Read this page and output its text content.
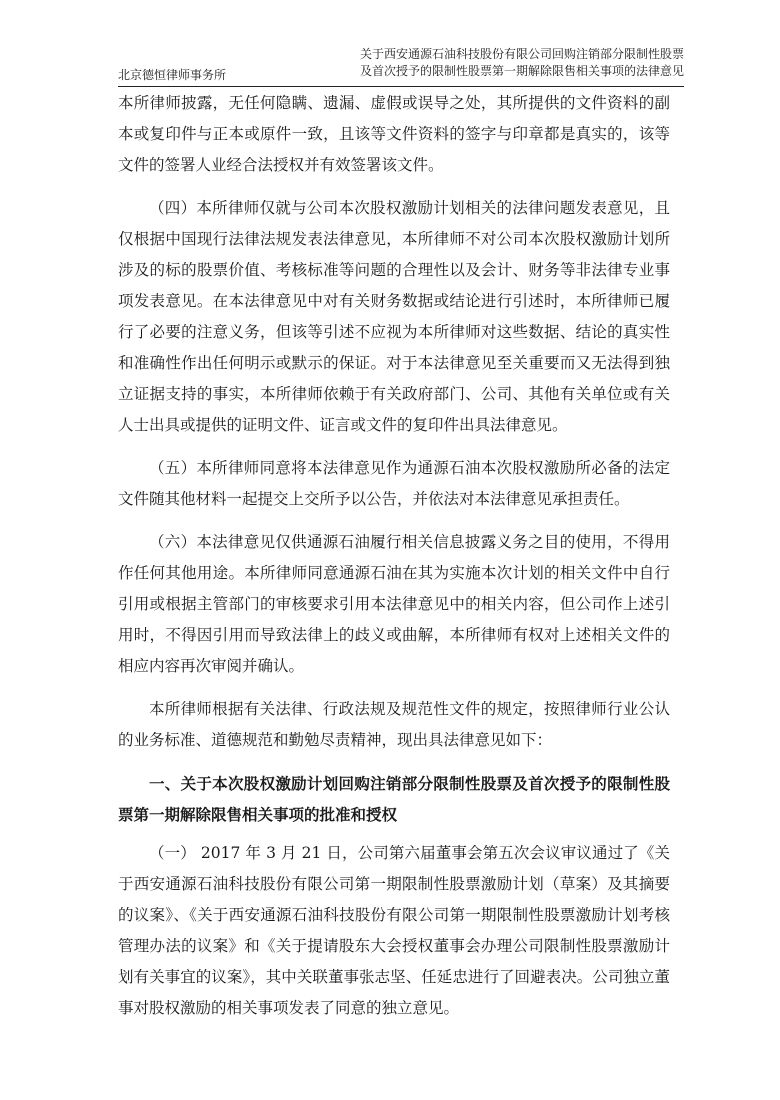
北京德恒律师事务所
关于西安通源石油科技股份有限公司回购注销部分限制性股票
及首次授予的限制性股票第一期解除限售相关事项的法律意见

本所律师披露，无任何隐瞒、遗漏、虚假或误导之处，其所提供的文件资料的副本或复印件与正本或原件一致，且该等文件资料的签字与印章都是真实的，该等文件的签署人业经合法授权并有效签署该文件。

（四）本所律师仅就与公司本次股权激励计划相关的法律问题发表意见，且仅根据中国现行法律法规发表法律意见，本所律师不对公司本次股权激励计划所涉及的标的股票价值、考核标准等问题的合理性以及会计、财务等非法律专业事项发表意见。在本法律意见中对有关财务数据或结论进行引述时，本所律师已履行了必要的注意义务，但该等引述不应视为本所律师对这些数据、结论的真实性和准确性作出任何明示或默示的保证。对于本法律意见至关重要而又无法得到独立证据支持的事实，本所律师依赖于有关政府部门、公司、其他有关单位或有关人士出具或提供的证明文件、证言或文件的复印件出具法律意见。

（五）本所律师同意将本法律意见作为通源石油本次股权激励所必备的法定文件随其他材料一起提交上交所予以公告，并依法对本法律意见承担责任。

（六）本法律意见仅供通源石油履行相关信息披露义务之目的使用，不得用作任何其他用途。本所律师同意通源石油在其为实施本次计划的相关文件中自行引用或根据主管部门的审核要求引用本法律意见中的相关内容，但公司作上述引用时，不得因引用而导致法律上的歧义或曲解，本所律师有权对上述相关文件的相应内容再次审阅并确认。

本所律师根据有关法律、行政法规及规范性文件的规定，按照律师行业公认的业务标准、道德规范和勤勉尽责精神，现出具法律意见如下：

一、关于本次股权激励计划回购注销部分限制性股票及首次授予的限制性股票第一期解除限售相关事项的批准和授权

（一） 2017 年 3 月 21 日，公司第六届董事会第五次会议审议通过了《关于西安通源石油科技股份有限公司第一期限制性股票激励计划（草案）及其摘要的议案》、《关于西安通源石油科技股份有限公司第一期限制性股票激励计划考核管理办法的议案》和《关于提请股东大会授权董事会办理公司限制性股票激励计划有关事宜的议案》，其中关联董事张志坚、任延忠进行了回避表决。公司独立董事对股权激励的相关事项发表了同意的独立意见。
